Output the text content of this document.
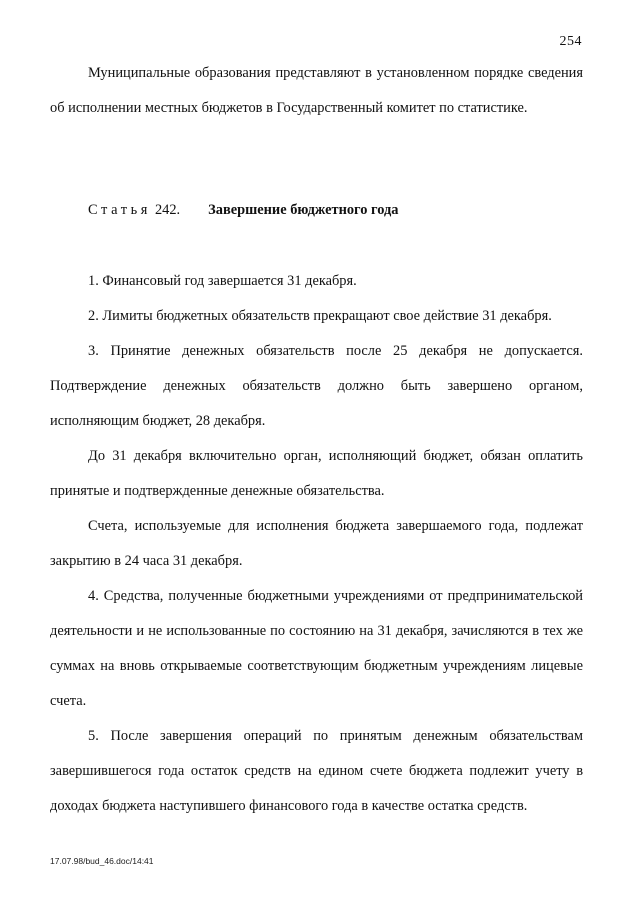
254

Муниципальные образования представляют в установленном порядке сведения об исполнении местных бюджетов в Государственный комитет по статистике.

Статья 242. Завершение бюджетного года

1. Финансовый год завершается 31 декабря.

2. Лимиты бюджетных обязательств прекращают свое действие 31 декабря.

3. Принятие денежных обязательств после 25 декабря не допускается. Подтверждение денежных обязательств должно быть завершено органом, исполняющим бюджет, 28 декабря.

До 31 декабря включительно орган, исполняющий бюджет, обязан оплатить принятые и подтвержденные денежные обязательства.

Счета, используемые для исполнения бюджета завершаемого года, подлежат закрытию в 24 часа 31 декабря.

4. Средства, полученные бюджетными учреждениями от предпринимательской деятельности и не использованные по состоянию на 31 декабря, зачисляются в тех же суммах на вновь открываемые соответствующим бюджетным учреждениям лицевые счета.

5. После завершения операций по принятым денежным обязательствам завершившегося года остаток средств на едином счете бюджета подлежит учету в доходах бюджета наступившего финансового года в качестве остатка средств.

17.07.98/bud_46.doc/14:41
